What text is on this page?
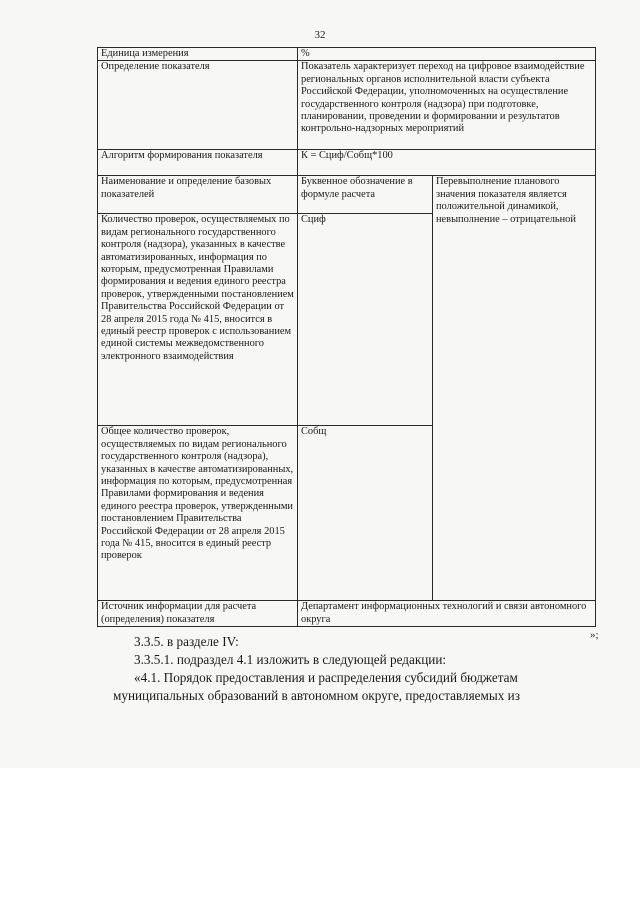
32
Единица измерения	%	
Определение показателя	Показатель характеризует переход на цифровое взаимодействие региональных органов исполнительной власти субъекта Российской Федерации, уполномоченных на осуществление государственного контроля (надзора) при подготовке, планировании, проведении и формировании и результатов контрольно-надзорных мероприятий	
Алгоритм формирования показателя	К = Сциф/Собщ*100	
Наименование и определение базовых показателей	Буквенное обозначение в формуле расчета	Перевыполнение планового значения показателя является положительной динамикой, невыполнение – отрицательной
Количество проверок, осуществляемых по видам регионального государственного контроля (надзора), указанных в качестве автоматизированных, информация по которым, предусмотренная Правилами формирования и ведения единого реестра проверок, утвержденными постановлением Правительства Российской Федерации от 28 апреля 2015 года № 415, вносится в единый реестр проверок с использованием единой системы межведомственного электронного взаимодействия	Сциф	
Общее количество проверок, осуществляемых по видам регионального государственного контроля (надзора), указанных в качестве автоматизированных, информация по которым, предусмотренная Правилами формирования и ведения единого реестра проверок, утвержденными постановлением Правительства Российской Федерации от 28 апреля 2015 года № 415, вносится в единый реестр проверок	Собщ	
Источник информации для расчета (определения) показателя	Департамент информационных технологий и связи автономного округа	
»;
3.3.5. в разделе IV:
3.3.5.1. подраздел 4.1 изложить в следующей редакции:
«4.1. Порядок предоставления и распределения субсидий бюджетам
муниципальных образований в автономном округе, предоставляемых из
